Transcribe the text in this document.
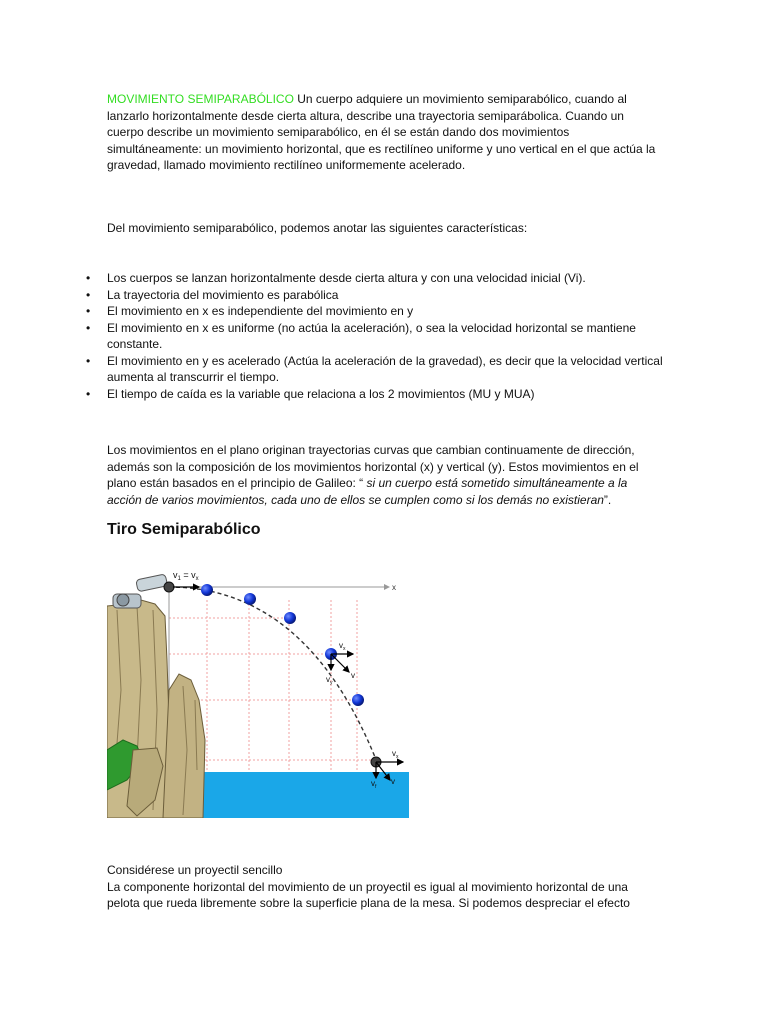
MOVIMIENTO SEMIPARABÓLICO Un cuerpo adquiere un movimiento semiparabólico, cuando al lanzarlo horizontalmente desde cierta altura, describe una trayectoria semiparábolica. Cuando un cuerpo describe un movimiento semiparabólico, en él se están dando dos movimientos simultáneamente: un movimiento horizontal, que es rectilíneo uniforme y uno vertical en el que actúa la gravedad, llamado movimiento rectilíneo uniformemente acelerado.

Del movimiento semiparabólico, podemos anotar las siguientes características:

• Los cuerpos se lanzan horizontalmente desde cierta altura y con una velocidad inicial (Vi).
• La trayectoria del movimiento es parabólica
• El movimiento en x es independiente del movimiento en y
• El movimiento en x es uniforme (no actúa la aceleración), o sea la velocidad horizontal se mantiene constante.
• El movimiento en y es acelerado (Actúa la aceleración de la gravedad), es decir que la velocidad vertical aumenta al transcurrir el tiempo.
• El tiempo de caída es la variable que relaciona a los 2 movimientos (MU y MUA)

Los movimientos en el plano originan trayectorias curvas que cambian continuamente de dirección, además son la composición de los movimientos horizontal (x) y vertical (y). Estos movimientos en el plano están basados en el principio de Galileo: “ si un cuerpo está sometido simultáneamente a la acción de varios movimientos, cada uno de ellos se cumplen como si los demás no existieran”.

Tiro Semiparabólico
x
$v_1 = v_x$
$v_x$
$v_y$
v
$v_x$
$v_f$
v
Considérese un proyectil sencillo
La componente horizontal del movimiento de un proyectil es igual al movimiento horizontal de una pelota que rueda libremente sobre la superficie plana de la mesa. Si podemos despreciar el efecto
